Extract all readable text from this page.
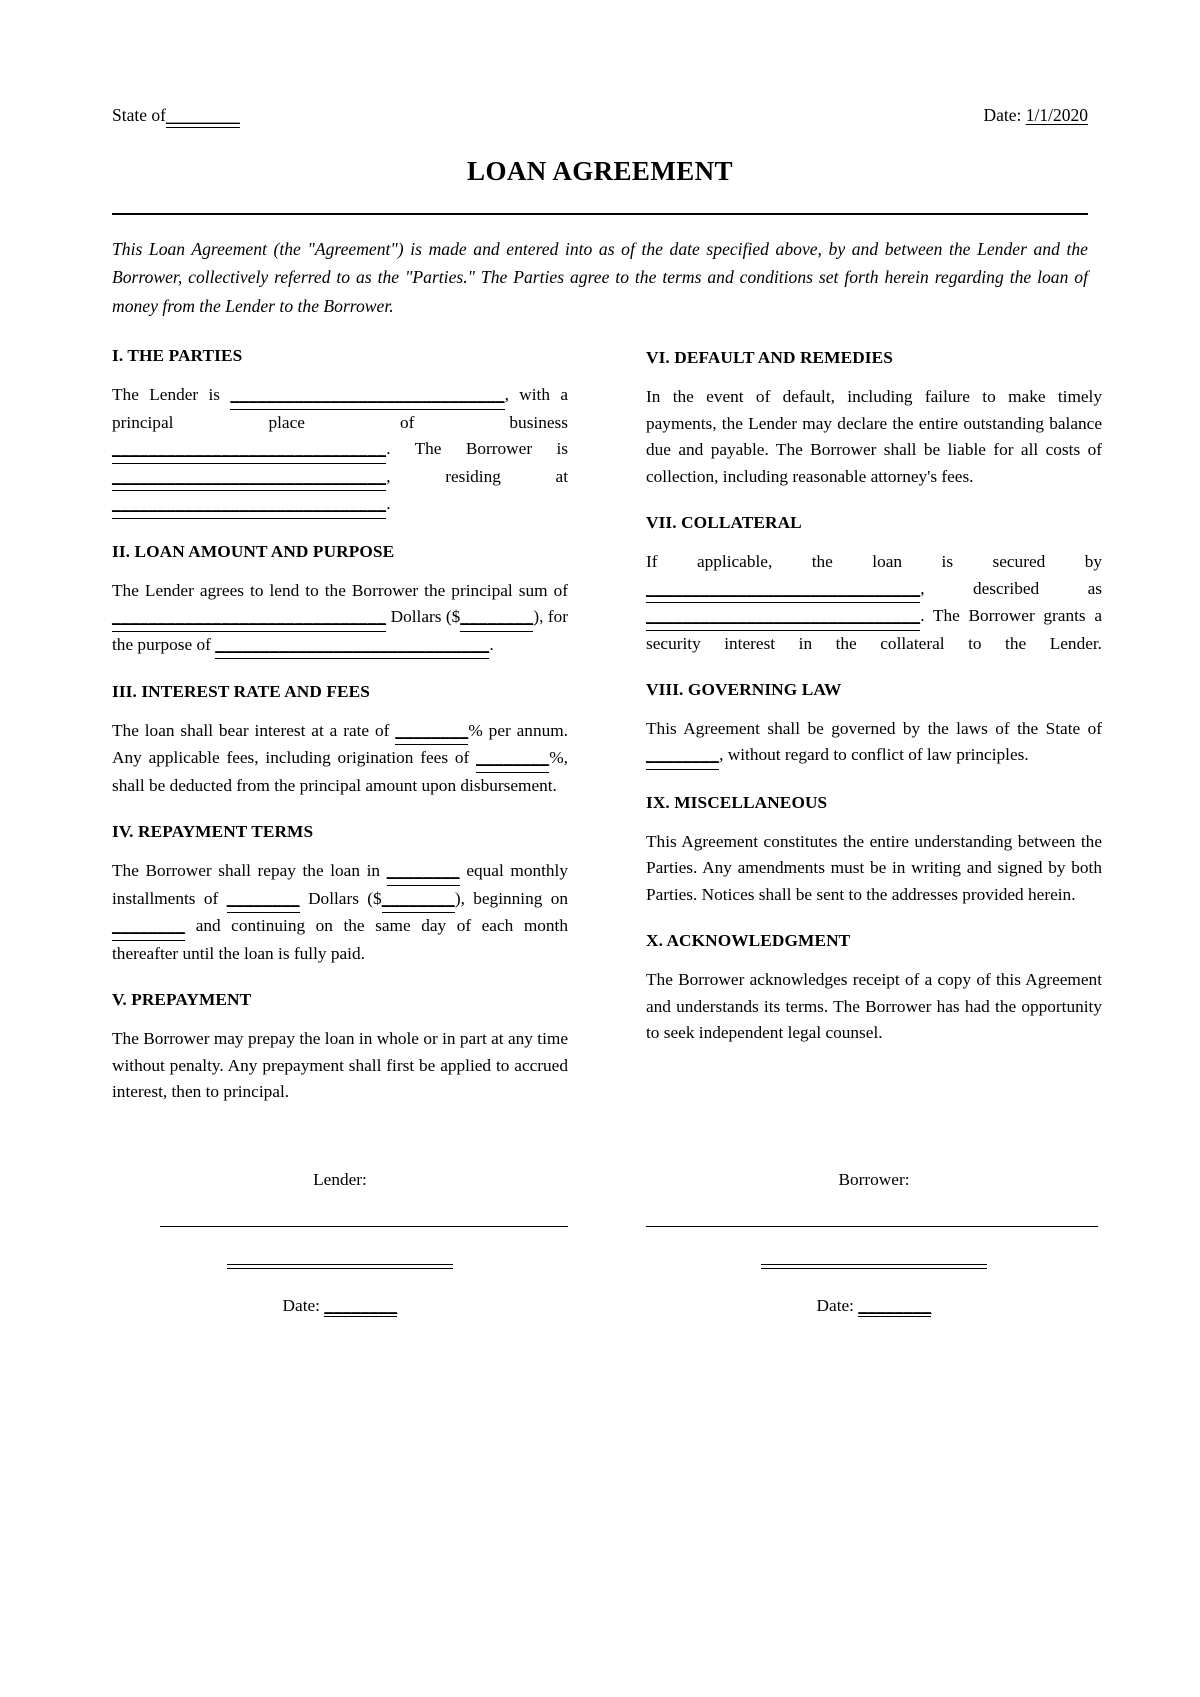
State of________	Date: 1/1/2020
LOAN AGREEMENT

This Loan Agreement (the "Agreement") is made and entered into as of the date specified above, by and between the Lender and the Borrower, collectively referred to as the "Parties." The Parties agree to the terms and conditions set forth herein regarding the loan of money from the Lender to the Borrower.

I. THE PARTIES

The Lender is ______________________________, with a principal place of business ______________________________. The Borrower is ______________________________, residing at ______________________________.

II. LOAN AMOUNT AND PURPOSE

The Lender agrees to lend to the Borrower the principal sum of ______________________________ Dollars ($________), for the purpose of ______________________________.

III. INTEREST RATE AND FEES

The loan shall bear interest at a rate of ________% per annum. Any applicable fees, including origination fees of ________%, shall be deducted from the principal amount upon disbursement.

IV. REPAYMENT TERMS

The Borrower shall repay the loan in ________ equal monthly installments of ________ Dollars ($________), beginning on ________ and continuing on the same day of each month thereafter until the loan is fully paid.

V. PREPAYMENT

The Borrower may prepay the loan in whole or in part at any time without penalty. Any prepayment shall first be applied to accrued interest, then to principal.

VI. DEFAULT AND REMEDIES

In the event of default, including failure to make timely payments, the Lender may declare the entire outstanding balance due and payable. The Borrower shall be liable for all costs of collection, including reasonable attorney's fees.

VII. COLLATERAL

If applicable, the loan is secured by ______________________________, described as ______________________________. The Borrower grants a security interest in the collateral to the Lender.

VIII. GOVERNING LAW

This Agreement shall be governed by the laws of the State of ________, without regard to conflict of law principles.

IX. MISCELLANEOUS

This Agreement constitutes the entire understanding between the Parties. Any amendments must be in writing and signed by both Parties. Notices shall be sent to the addresses provided herein.

X. ACKNOWLEDGMENT

The Borrower acknowledges receipt of a copy of this Agreement and understands its terms. The Borrower has had the opportunity to seek independent legal counsel.

Lender:
Date: ________
Borrower:
Date: ________
